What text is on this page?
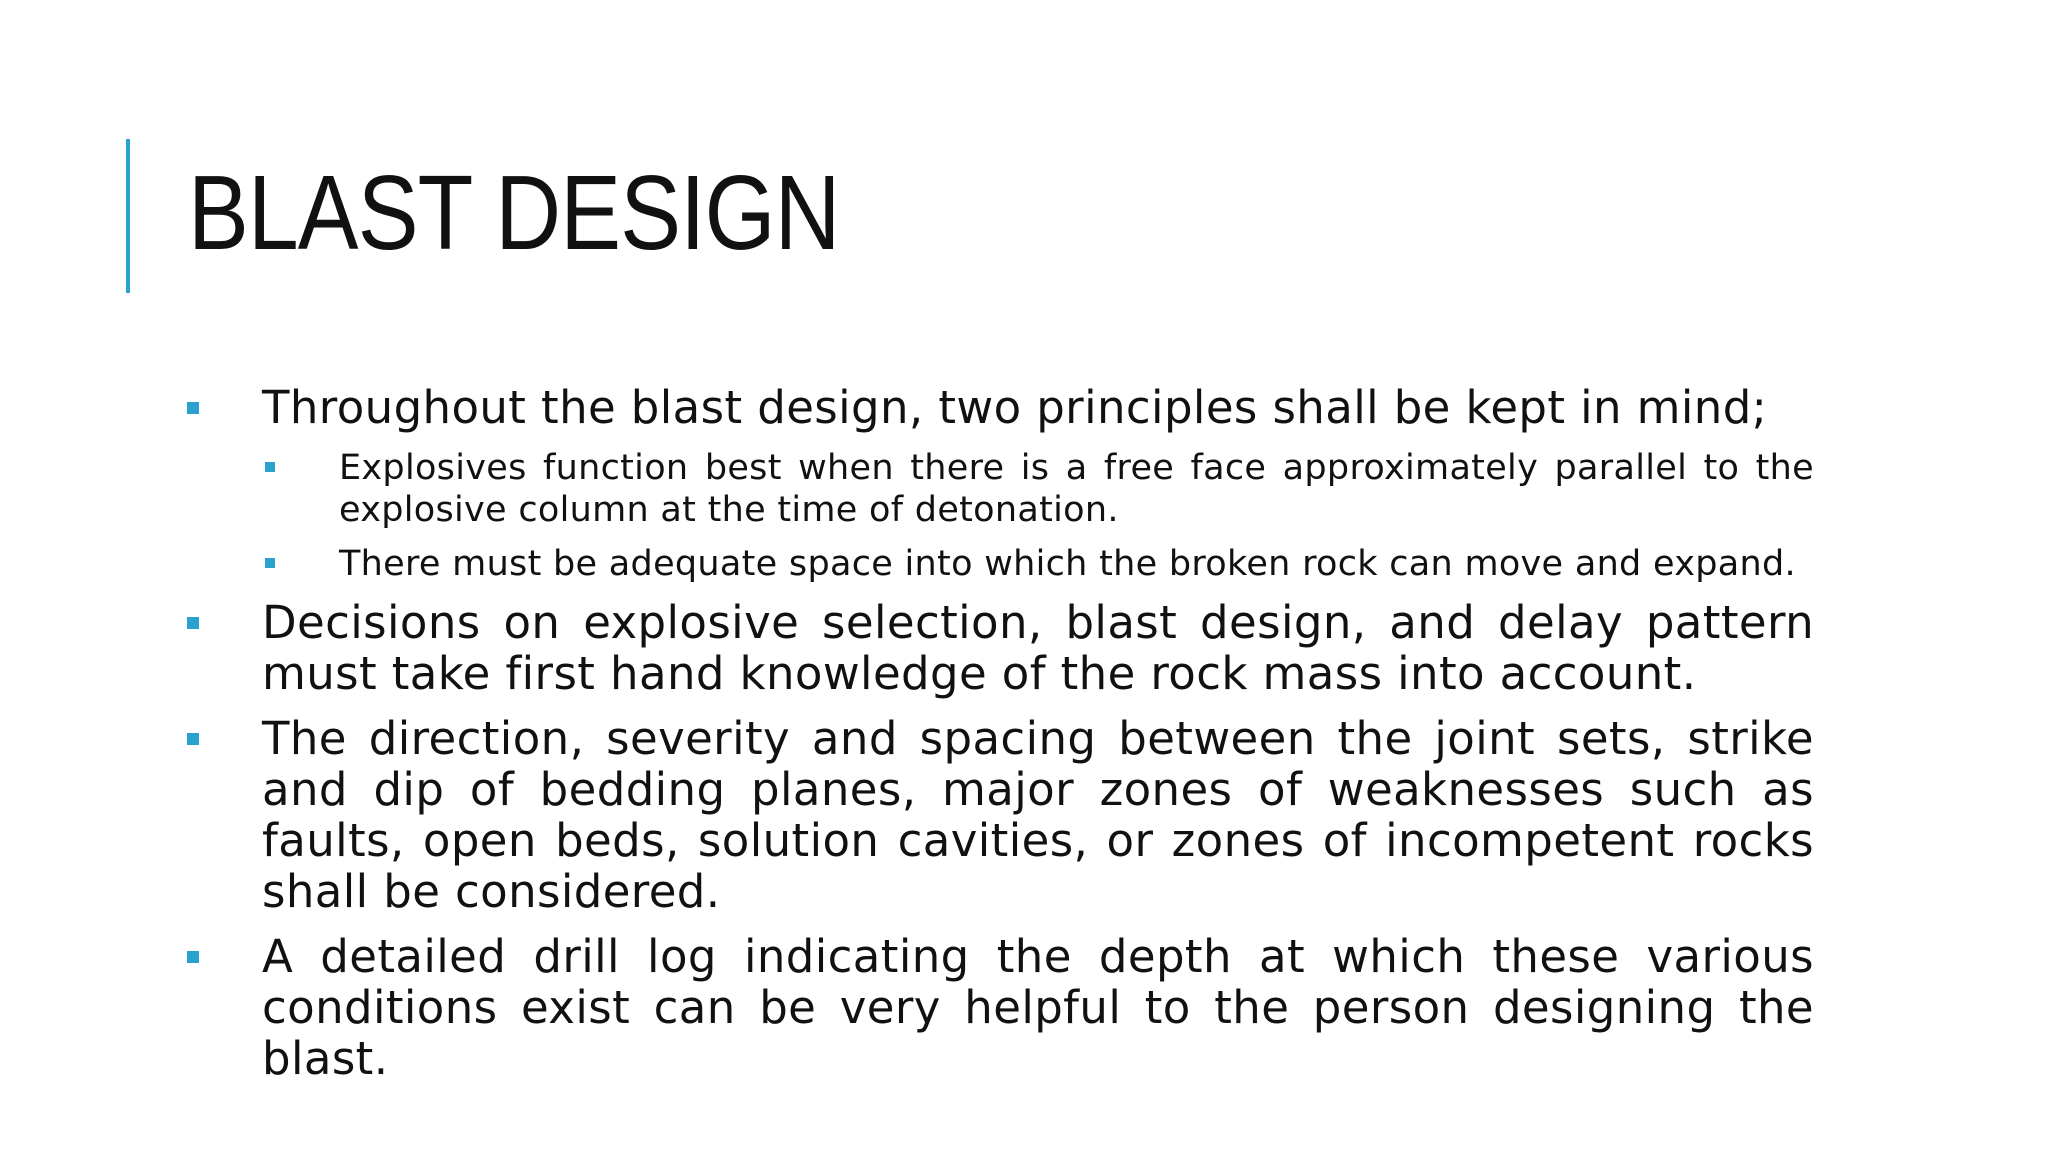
BLAST DESIGN
Throughout the blast design, two principles shall be kept in mind;
Explosives function best when there is a free face approximately parallel to the explosive column at the time of detonation.
There must be adequate space into which the broken rock can move and expand.
Decisions on explosive selection, blast design, and delay pattern must take first hand knowledge of the rock mass into account.
The direction, severity and spacing between the joint sets, strike and dip of bedding planes, major zones of weaknesses such as faults, open beds, solution cavities, or zones of incompetent rocks shall be considered.
A detailed drill log indicating the depth at which these various conditions exist can be very helpful to the person designing the blast.
